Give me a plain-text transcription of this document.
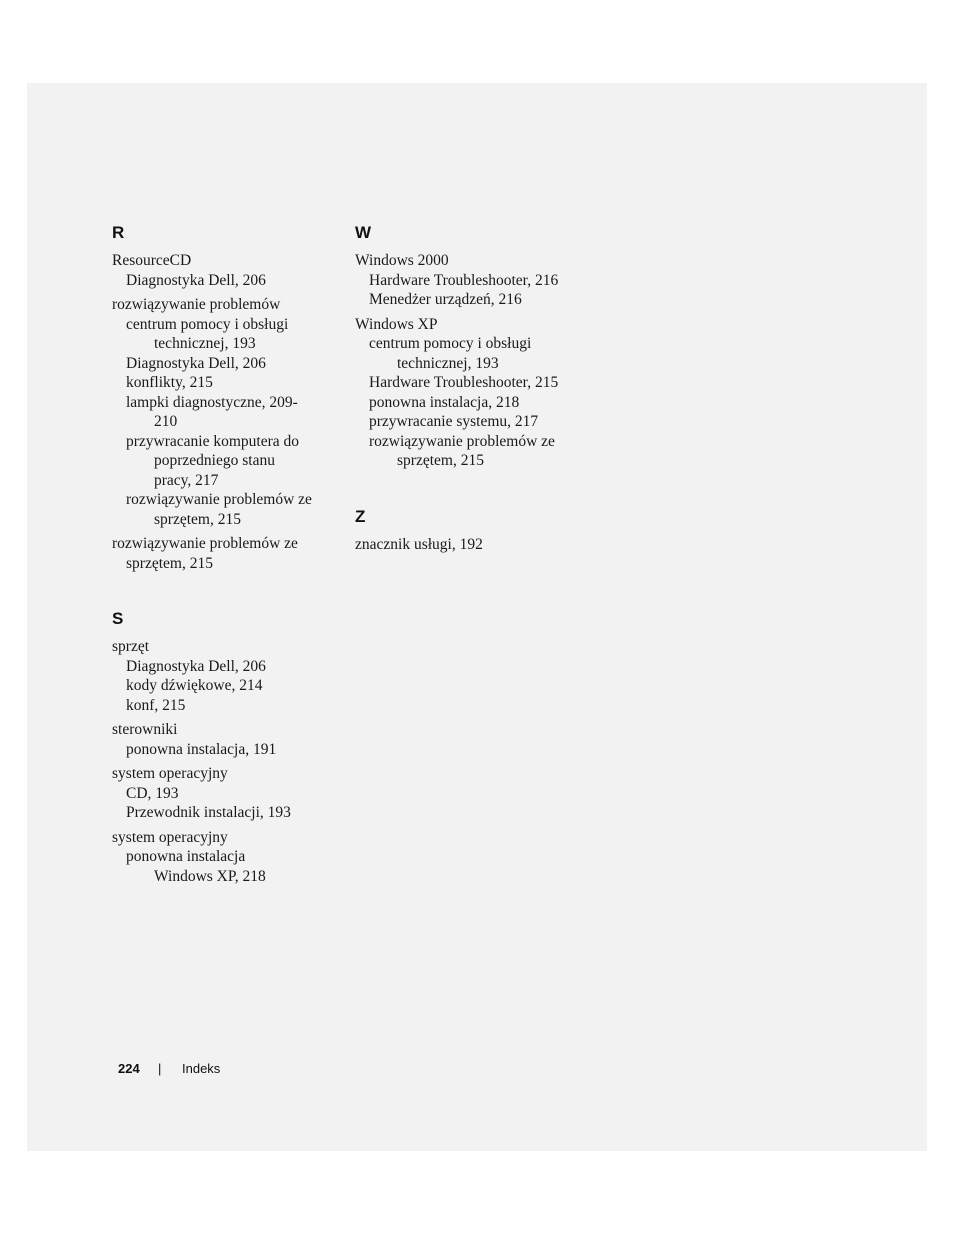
R
ResourceCD
Diagnostyka Dell, 206
rozwiązywanie problemów
centrum pomocy i obsługi
technicznej, 193
Diagnostyka Dell, 206
konflikty, 215
lampki diagnostyczne, 209-
210
przywracanie komputera do
poprzedniego stanu
pracy, 217
rozwiązywanie problemów ze
sprzętem, 215
rozwiązywanie problemów ze
sprzętem, 215
S
sprzęt
Diagnostyka Dell, 206
kody dźwiękowe, 214
konf, 215
sterowniki
ponowna instalacja, 191
system operacyjny
CD, 193
Przewodnik instalacji, 193
system operacyjny
ponowna instalacja
Windows XP, 218
W
Windows 2000
Hardware Troubleshooter, 216
Menedżer urządzeń, 216
Windows XP
centrum pomocy i obsługi
technicznej, 193
Hardware Troubleshooter, 215
ponowna instalacja, 218
przywracanie systemu, 217
rozwiązywanie problemów ze
sprzętem, 215
Z
znacznik usługi, 192
224 | Indeks
